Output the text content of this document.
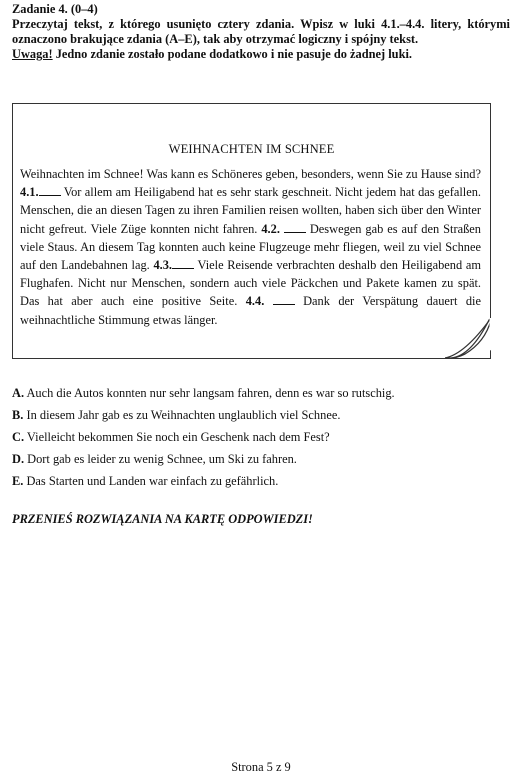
Zadanie 4. (0–4)
Przeczytaj tekst, z którego usunięto cztery zdania. Wpisz w luki 4.1.–4.4. litery, którymi oznaczono brakujące zdania (A–E), tak aby otrzymać logiczny i spójny tekst.
Uwaga! Jedno zdanie zostało podane dodatkowo i nie pasuje do żadnej luki.
WEIHNACHTEN IM SCHNEE
Weihnachten im Schnee! Was kann es Schöneres geben, besonders, wenn Sie zu Hause sind? 4.1. Vor allem am Heiligabend hat es sehr stark geschneit. Nicht jedem hat das gefallen. Menschen, die an diesen Tagen zu ihren Familien reisen wollten, haben sich über den Winter nicht gefreut. Viele Züge konnten nicht fahren. 4.2.  Deswegen gab es auf den Straßen viele Staus. An diesem Tag konnten auch keine Flugzeuge mehr fliegen, weil zu viel Schnee auf den Landebahnen lag. 4.3. Viele Reisende verbrachten deshalb den Heiligabend am Flughafen. Nicht nur Menschen, sondern auch viele Päckchen und Pakete kamen zu spät. Das hat aber auch eine positive Seite. 4.4.  Dank der Verspätung dauert die weihnachtliche Stimmung etwas länger.
A. Auch die Autos konnten nur sehr langsam fahren, denn es war so rutschig.
B. In diesem Jahr gab es zu Weihnachten unglaublich viel Schnee.
C. Vielleicht bekommen Sie noch ein Geschenk nach dem Fest?
D. Dort gab es leider zu wenig Schnee, um Ski zu fahren.
E. Das Starten und Landen war einfach zu gefährlich.
PRZENIEŚ ROZWIĄZANIA NA KARTĘ ODPOWIEDZI!
Strona 5 z 9
